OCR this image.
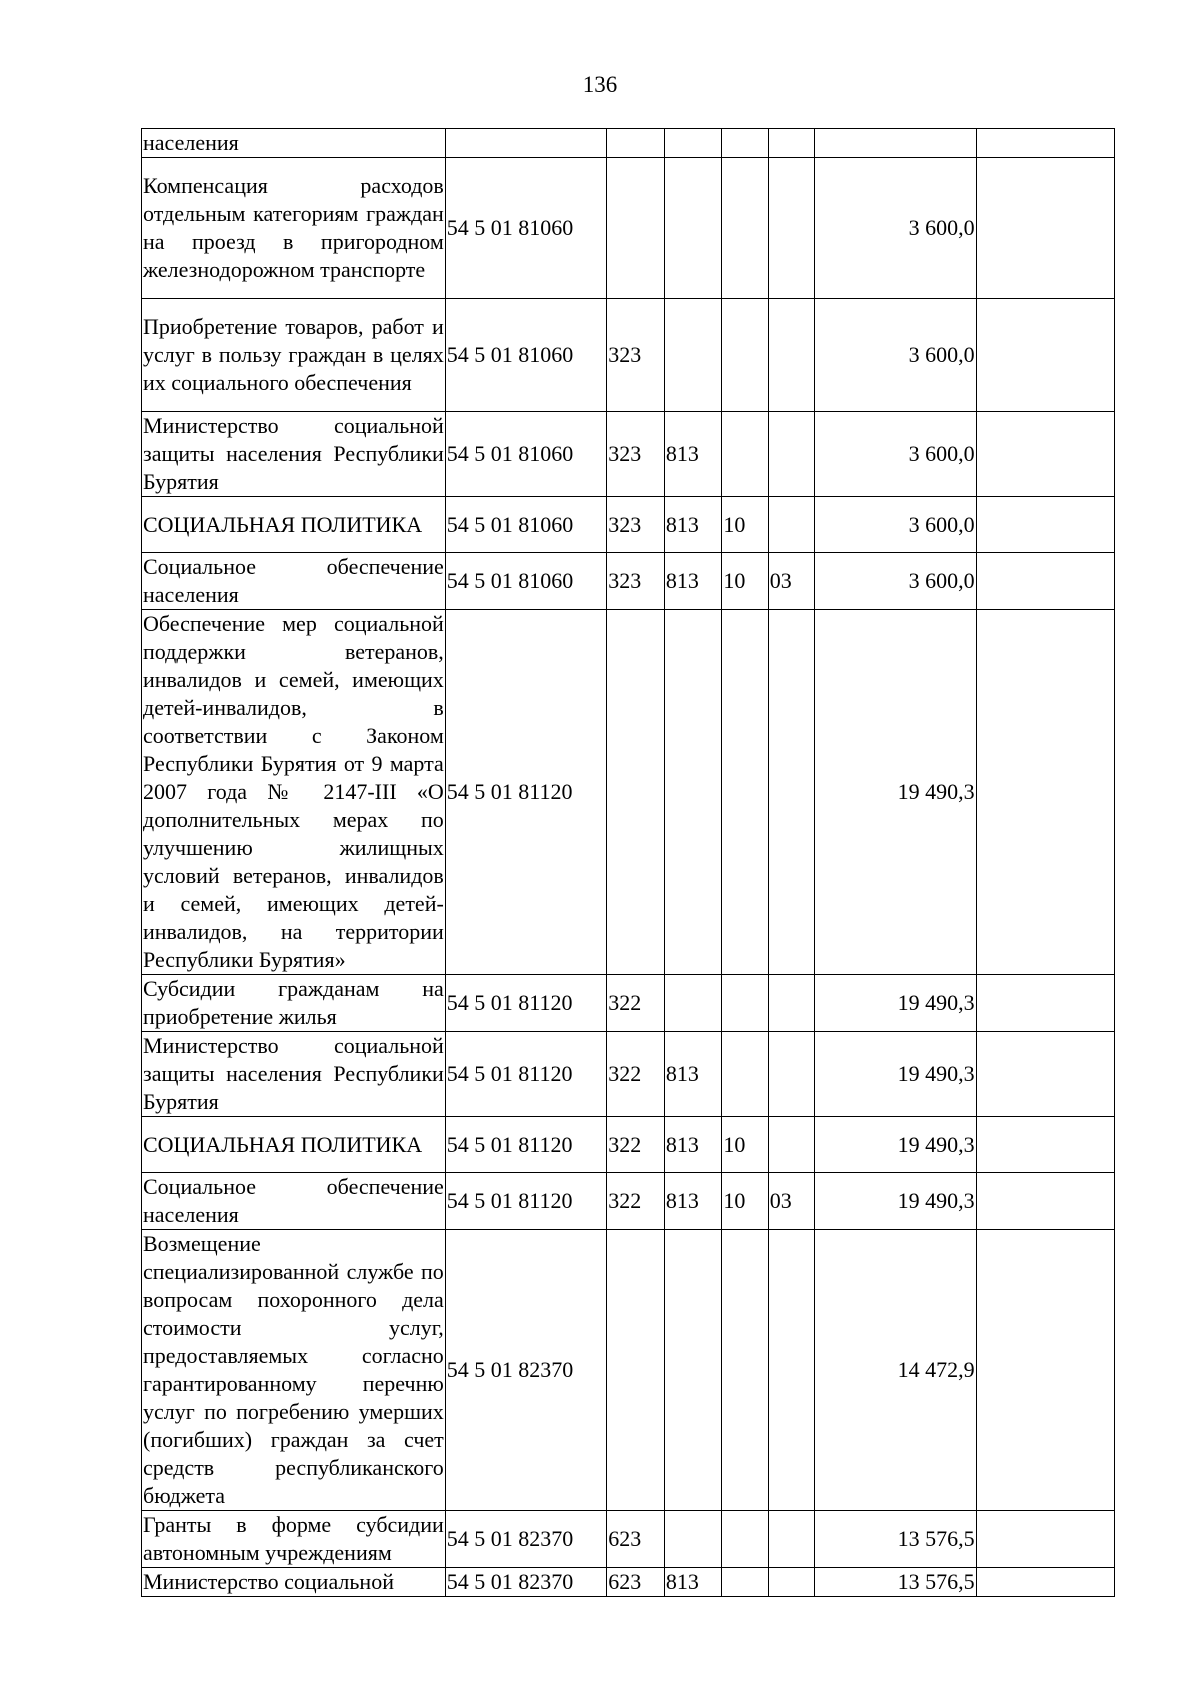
136
населения							
Компенсация расходов отдельным категориям граждан на проезд в пригородном железнодорожном транспорте	54 5 01 81060					3 600,0	
Приобретение товаров, работ и услуг в пользу граждан в целях их социального обеспечения	54 5 01 81060	323				3 600,0	
Министерство социальной защиты населения Республики Бурятия	54 5 01 81060	323	813			3 600,0	
СОЦИАЛЬНАЯ ПОЛИТИКА	54 5 01 81060	323	813	10		3 600,0	
Социальное обеспечение населения	54 5 01 81060	323	813	10	03	3 600,0	
Обеспечение мер социальной поддержки ветеранов, инвалидов и семей, имеющих детей-инвалидов, в соответствии с Законом Республики Бурятия от 9 марта 2007 года № 2147-III «О дополнительных мерах по улучшению жилищных условий ветеранов, инвалидов и семей, имеющих детей-инвалидов, на территории Республики Бурятия»	54 5 01 81120					19 490,3	
Субсидии гражданам на приобретение жилья	54 5 01 81120	322				19 490,3	
Министерство социальной защиты населения Республики Бурятия	54 5 01 81120	322	813			19 490,3	
СОЦИАЛЬНАЯ ПОЛИТИКА	54 5 01 81120	322	813	10		19 490,3	
Социальное обеспечение населения	54 5 01 81120	322	813	10	03	19 490,3	
Возмещение специализированной службе по вопросам похоронного дела стоимости услуг, предоставляемых согласно гарантированному перечню услуг по погребению умерших (погибших) граждан за счет средств республиканского бюджета	54 5 01 82370					14 472,9	
Гранты в форме субсидии автономным учреждениям	54 5 01 82370	623				13 576,5	
Министерство социальной	54 5 01 82370	623	813			13 576,5	
